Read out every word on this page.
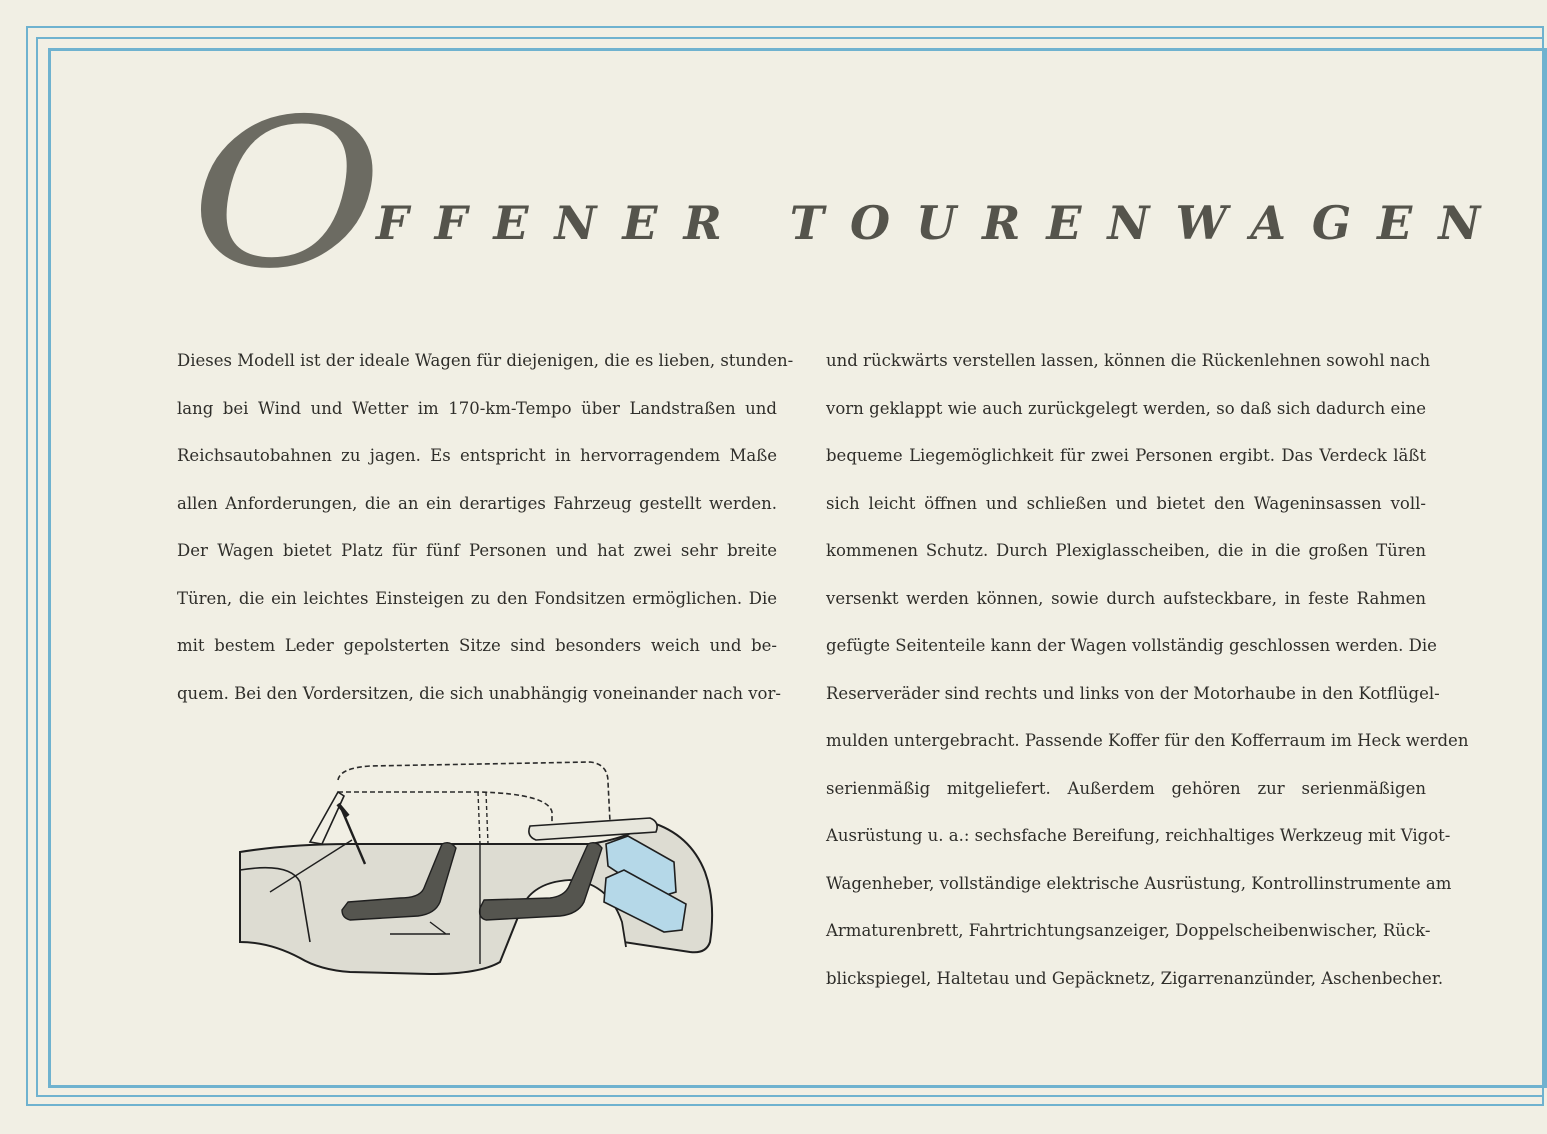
O
FFENER TOURENWAGEN
Dieses Modell ist der ideale Wagen für diejenigen, die es lieben, stunden-
lang bei Wind und Wetter im 170-km-Tempo über Landstraßen und
Reichsautobahnen zu jagen. Es entspricht in hervorragendem Maße
allen Anforderungen, die an ein derartiges Fahrzeug gestellt werden.
Der Wagen bietet Platz für fünf Personen und hat zwei sehr breite
Türen, die ein leichtes Einsteigen zu den Fondsitzen ermöglichen. Die
mit bestem Leder gepolsterten Sitze sind besonders weich und be-
quem. Bei den Vordersitzen, die sich unabhängig voneinander nach vor-
und rückwärts verstellen lassen, können die Rückenlehnen sowohl nach
vorn geklappt wie auch zurückgelegt werden, so daß sich dadurch eine
bequeme Liegemöglichkeit für zwei Personen ergibt. Das Verdeck läßt
sich leicht öffnen und schließen und bietet den Wageninsassen voll-
kommenen Schutz. Durch Plexiglasscheiben, die in die großen Türen
versenkt werden können, sowie durch aufsteckbare, in feste Rahmen
gefügte Seitenteile kann der Wagen vollständig geschlossen werden. Die
Reserveräder sind rechts und links von der Motorhaube in den Kotflügel-
mulden untergebracht. Passende Koffer für den Kofferraum im Heck werden
serienmäßig mitgeliefert. Außerdem gehören zur serienmäßigen
Ausrüstung u. a.: sechsfache Bereifung, reichhaltiges Werkzeug mit Vigot-
Wagenheber, vollständige elektrische Ausrüstung, Kontrollinstrumente am
Armaturenbrett, Fahrtrichtungsanzeiger, Doppelscheibenwischer, Rück-
blickspiegel, Haltetau und Gepäcknetz, Zigarrenanzünder, Aschenbecher.
